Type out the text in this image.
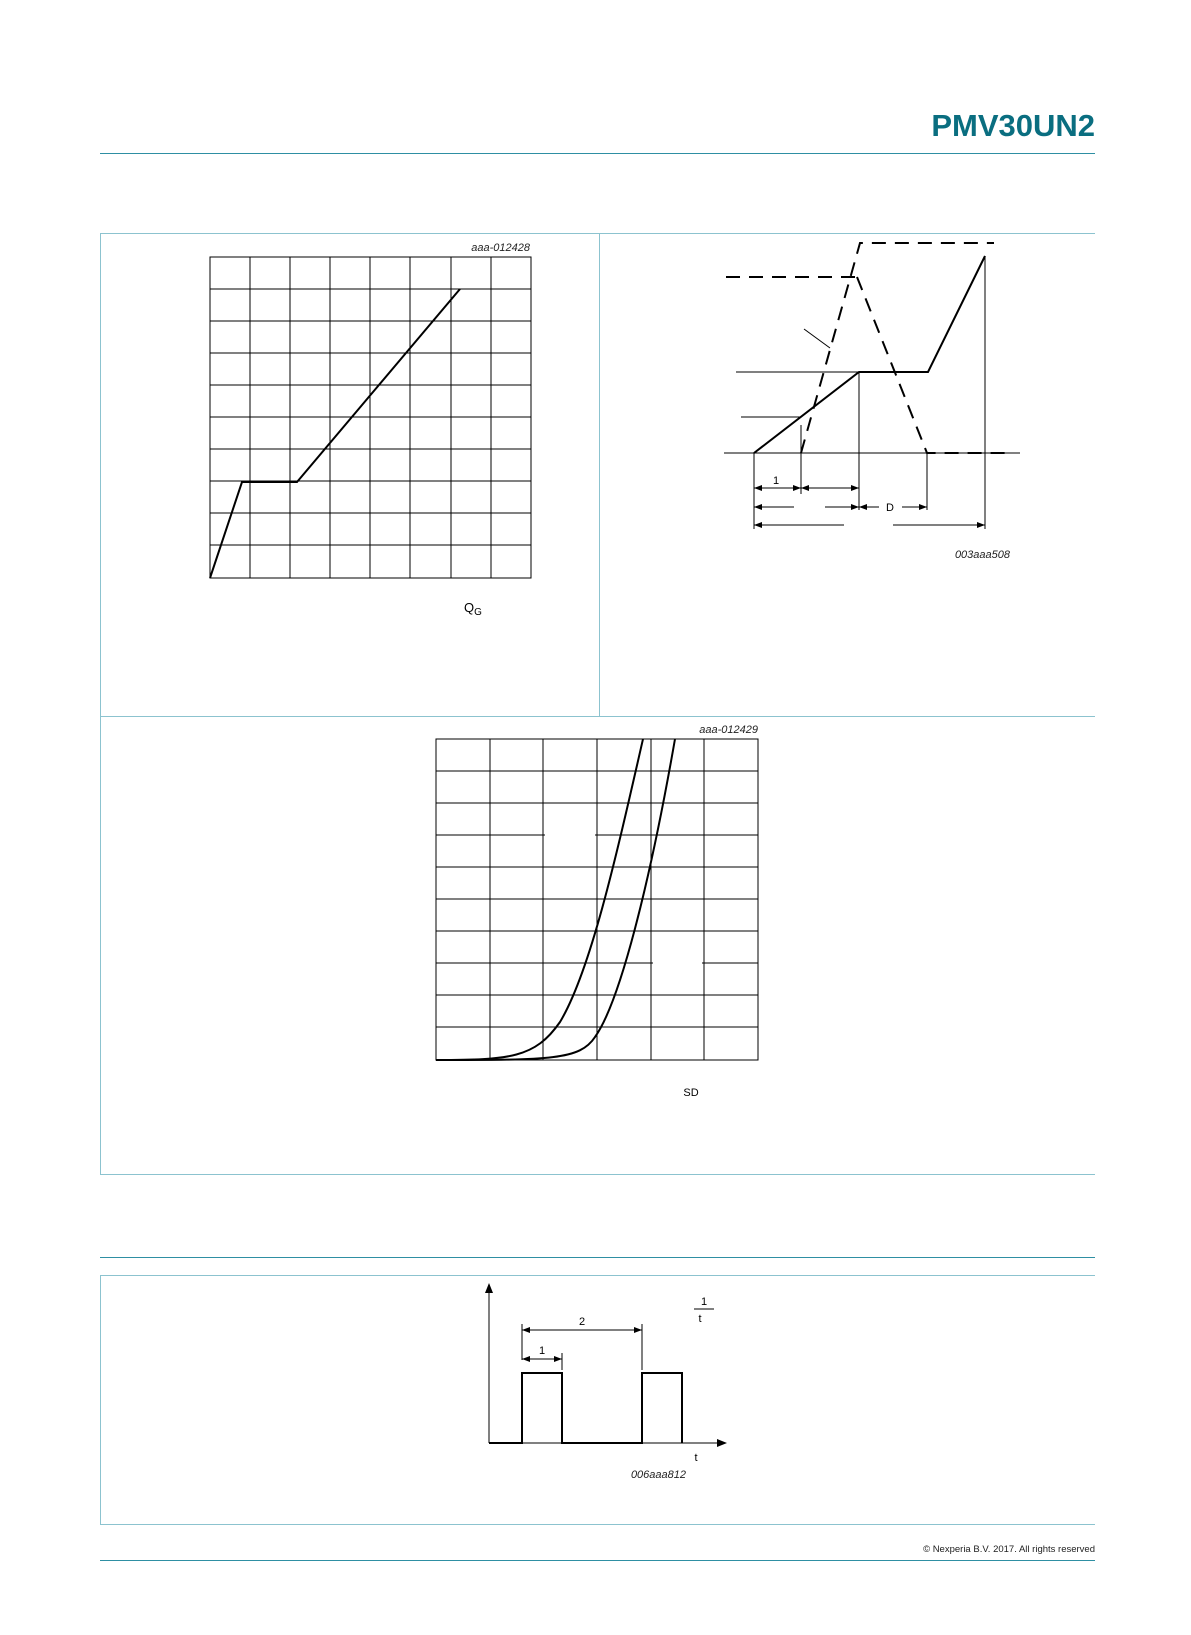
PMV30UN2
aaa-012428
$Q_G$
1
D
003aaa508
aaa-012429
SD
2
1
1
t
t
006aaa812
© Nexperia B.V. 2017. All rights reserved
